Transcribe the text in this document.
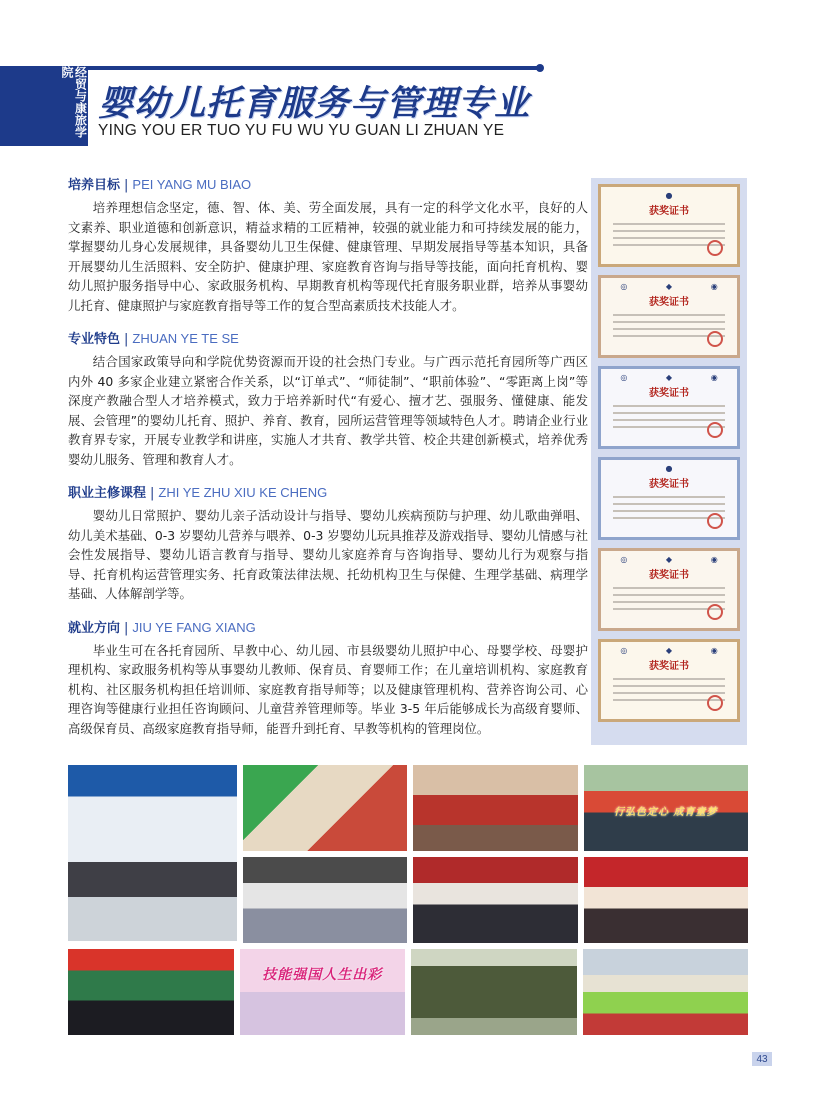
经贸与康旅学院
婴幼儿托育服务与管理专业
YING YOU ER TUO YU FU WU YU GUAN LI ZHUAN YE
培养目标 | PEI YANG MU BIAO

培养理想信念坚定，德、智、体、美、劳全面发展，具有一定的科学文化水平，良好的人文素养、职业道德和创新意识，精益求精的工匠精神，较强的就业能力和可持续发展的能力，掌握婴幼儿身心发展规律，具备婴幼儿卫生保健、健康管理、早期发展指导等基本知识，具备开展婴幼儿生活照料、安全防护、健康护理、家庭教育咨询与指导等技能，面向托育机构、婴幼儿照护服务指导中心、家政服务机构、早期教育机构等现代托育服务职业群，培养从事婴幼儿托育、健康照护与家庭教育指导等工作的复合型高素质技术技能人才。

专业特色 | ZHUAN YE TE SE

结合国家政策导向和学院优势资源而开设的社会热门专业。与广西示范托育园所等广西区内外 40 多家企业建立紧密合作关系，以“订单式”、“师徒制”、“职前体验”、“零距离上岗”等深度产教融合型人才培养模式，致力于培养新时代“有爱心、擅才艺、强服务、懂健康、能发展、会管理”的婴幼儿托育、照护、养育、教育，园所运营管理等领域特色人才。聘请企业行业教育界专家，开展专业教学和讲座，实施人才共育、教学共管、校企共建创新模式，培养优秀婴幼儿服务、管理和教育人才。

职业主修课程 | ZHI YE ZHU XIU KE CHENG

婴幼儿日常照护、婴幼儿亲子活动设计与指导、婴幼儿疾病预防与护理、幼儿歌曲弹唱、幼儿美术基础、0-3 岁婴幼儿营养与喂养、0-3 岁婴幼儿玩具推荐及游戏指导、婴幼儿情感与社会性发展指导、婴幼儿语言教育与指导、婴幼儿家庭养育与咨询指导、婴幼儿行为观察与指导、托育机构运营管理实务、托育政策法律法规、托幼机构卫生与保健、生理学基础、病理学基础、人体解剖学等。

就业方向 | JIU YE FANG XIANG

毕业生可在各托育园所、早教中心、幼儿园、市县级婴幼儿照护中心、母婴学校、母婴护理机构、家政服务机构等从事婴幼儿教师、保育员、育婴师工作；在儿童培训机构、家庭教育机构、社区服务机构担任培训师、家庭教育指导师等；以及健康管理机构、营养咨询公司、心理咨询等健康行业担任咨询顾问、儿童营养管理师等。毕业 3-5 年后能够成长为高级育婴师、高级保育员、高级家庭教育指导师，能晋升到托育、早教等机构的管理岗位。

●
获奖证书
◎	◆	◉
获奖证书
◎	◆	◉
获奖证书
●
获奖证书
◎	◆	◉
获奖证书
◎	◆	◉
获奖证书
行弘色定心 成育童梦
技能强国人生出彩
43
